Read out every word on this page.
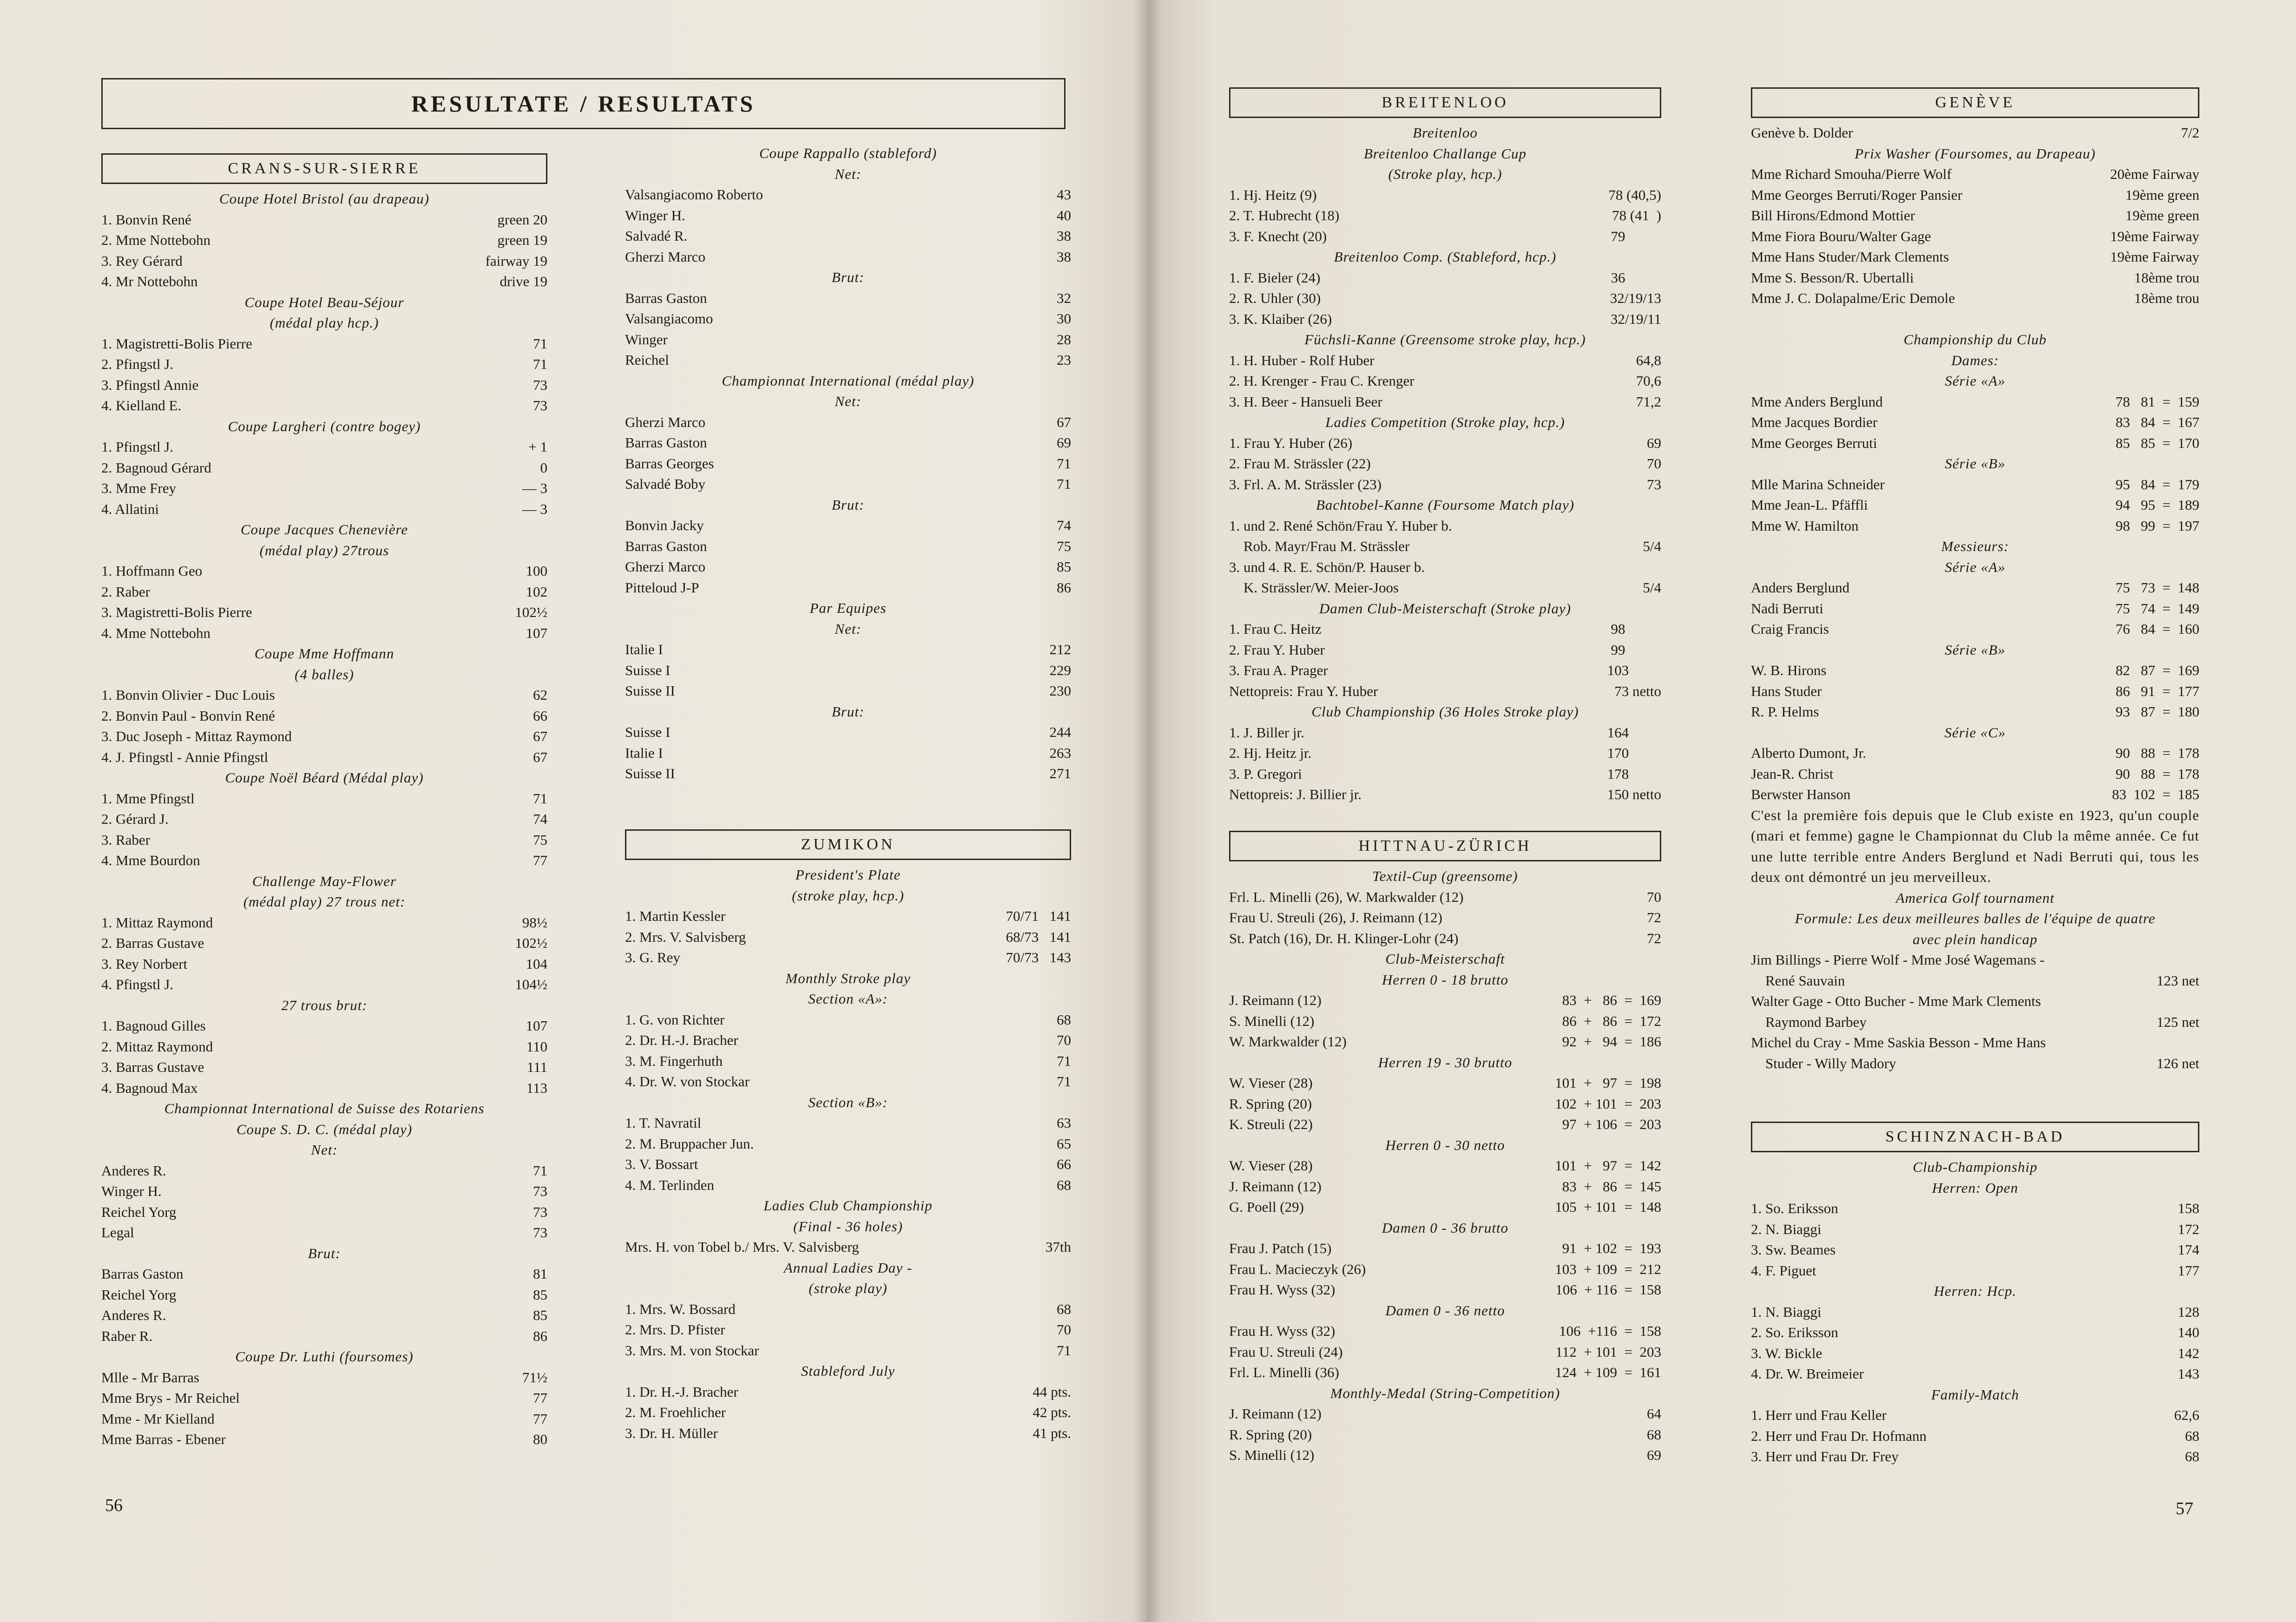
RESULTATE / RESULTATS
CRANS-SUR-SIERRE
Coupe Hotel Bristol (au drapeau)
1. Bonvin René	green 20
2. Mme Nottebohn	green 19
3. Rey Gérard	fairway 19
4. Mr Nottebohn	drive 19
Coupe Hotel Beau-Séjour
(médal play hcp.)
1. Magistretti-Bolis Pierre	71
2. Pfingstl J.	71
3. Pfingstl Annie	73
4. Kielland E.	73
Coupe Largheri (contre bogey)
1. Pfingstl J.	+ 1
2. Bagnoud Gérard	0
3. Mme Frey	— 3
4. Allatini	— 3
Coupe Jacques Chenevière
(médal play) 27trous
1. Hoffmann Geo	100
2. Raber	102
3. Magistretti-Bolis Pierre	102½
4. Mme Nottebohn	107
Coupe Mme Hoffmann
(4 balles)
1. Bonvin Olivier - Duc Louis	62
2. Bonvin Paul - Bonvin René	66
3. Duc Joseph - Mittaz Raymond	67
4. J. Pfingstl - Annie Pfingstl	67
Coupe Noël Béard (Médal play)
1. Mme Pfingstl	71
2. Gérard J.	74
3. Raber	75
4. Mme Bourdon	77
Challenge May-Flower
(médal play) 27 trous net:
1. Mittaz Raymond	98½
2. Barras Gustave	102½
3. Rey Norbert	104
4. Pfingstl J.	104½
27 trous brut:
1. Bagnoud Gilles	107
2. Mittaz Raymond	110
3. Barras Gustave	111
4. Bagnoud Max	113
Championnat International de Suisse des Rotariens
Coupe S. D. C. (médal play)
Net:
Anderes R.	71
Winger H.	73
Reichel Yorg	73
Legal	73
Brut:
Barras Gaston	81
Reichel Yorg	85
Anderes R.	85
Raber R.	86
Coupe Dr. Luthi (foursomes)
Mlle - Mr Barras	71½
Mme Brys - Mr Reichel	77
Mme - Mr Kielland	77
Mme Barras - Ebener	80
Coupe Rappallo (stableford)
Net:
Valsangiacomo Roberto	43
Winger H.	40
Salvadé R.	38
Gherzi Marco	38
Brut:
Barras Gaston	32
Valsangiacomo	30
Winger	28
Reichel	23
Championnat International (médal play)
Net:
Gherzi Marco	67
Barras Gaston	69
Barras Georges	71
Salvadé Boby	71
Brut:
Bonvin Jacky	74
Barras Gaston	75
Gherzi Marco	85
Pitteloud J-P	86
Par Equipes
Net:
Italie I	212
Suisse I	229
Suisse II	230
Brut:
Suisse I	244
Italie I	263
Suisse II	271
ZUMIKON
President's Plate
(stroke play, hcp.)
1. Martin Kessler	70/71   141
2. Mrs. V. Salvisberg	68/73   141
3. G. Rey	70/73   143
Monthly Stroke play
Section «A»:
1. G. von Richter	68
2. Dr. H.-J. Bracher	70
3. M. Fingerhuth	71
4. Dr. W. von Stockar	71
Section «B»:
1. T. Navratil	63
2. M. Bruppacher Jun.	65
3. V. Bossart	66
4. M. Terlinden	68
Ladies Club Championship
(Final - 36 holes)
Mrs. H. von Tobel b./ Mrs. V. Salvisberg	37th
Annual Ladies Day -
(stroke play)
1. Mrs. W. Bossard	68
2. Mrs. D. Pfister	70
3. Mrs. M. von Stockar	71
Stableford July
1. Dr. H.-J. Bracher	44 pts.
2. M. Froehlicher	42 pts.
3. Dr. H. Müller	41 pts.
56
BREITENLOO
Breitenloo
Breitenloo Challange Cup
(Stroke play, hcp.)
1. Hj. Heitz (9)	78 (40,5)
2. T. Hubrecht (18)	78 (41  )
3. F. Knecht (20)	79
Breitenloo Comp. (Stableford, hcp.)
1. F. Bieler (24)	36
2. R. Uhler (30)	32/19/13
3. K. Klaiber (26)	32/19/11
Füchsli-Kanne (Greensome stroke play, hcp.)
1. H. Huber - Rolf Huber	64,8
2. H. Krenger - Frau C. Krenger	70,6
3. H. Beer - Hansueli Beer	71,2
Ladies Competition (Stroke play, hcp.)
1. Frau Y. Huber (26)	69
2. Frau M. Strässler (22)	70
3. Frl. A. M. Strässler (23)	73
Bachtobel-Kanne (Foursome Match play)
1. und 2. René Schön/Frau Y. Huber b.
Rob. Mayr/Frau M. Strässler	5/4
3. und 4. R. E. Schön/P. Hauser b.
K. Strässler/W. Meier-Joos	5/4
Damen Club-Meisterschaft (Stroke play)
1. Frau C. Heitz	98
2. Frau Y. Huber	99
3. Frau A. Prager	103
Nettopreis: Frau Y. Huber	73 netto
Club Championship (36 Holes Stroke play)
1. J. Biller jr.	164
2. Hj. Heitz jr.	170
3. P. Gregori	178
Nettopreis: J. Billier jr.	150 netto
HITTNAU-ZÜRICH
Textil-Cup (greensome)
Frl. L. Minelli (26), W. Markwalder (12)	70
Frau U. Streuli (26), J. Reimann (12)	72
St. Patch (16), Dr. H. Klinger-Lohr (24)	72
Club-Meisterschaft
Herren 0 - 18 brutto
J. Reimann (12)	83  +   86  =  169
S. Minelli (12)	86  +   86  =  172
W. Markwalder (12)	92  +   94  =  186
Herren 19 - 30 brutto
W. Vieser (28)	101  +   97  =  198
R. Spring (20)	102  + 101  =  203
K. Streuli (22)	97  + 106  =  203
Herren 0 - 30 netto
W. Vieser (28)	101  +   97  =  142
J. Reimann (12)	83  +   86  =  145
G. Poell (29)	105  + 101  =  148
Damen 0 - 36 brutto
Frau J. Patch (15)	91  + 102  =  193
Frau L. Macieczyk (26)	103  + 109  =  212
Frau H. Wyss (32)	106  + 116  =  158
Damen 0 - 36 netto
Frau H. Wyss (32)	106  +116  =  158
Frau U. Streuli (24)	112  + 101  =  203
Frl. L. Minelli (36)	124  + 109  =  161
Monthly-Medal (String-Competition)
J. Reimann (12)	64
R. Spring (20)	68
S. Minelli (12)	69
GENÈVE
Genève b. Dolder	7/2
Prix Washer (Foursomes, au Drapeau)
Mme Richard Smouha/Pierre Wolf	20ème Fairway
Mme Georges Berruti/Roger Pansier	19ème green
Bill Hirons/Edmond Mottier	19ème green
Mme Fiora Bouru/Walter Gage	19ème Fairway
Mme Hans Studer/Mark Clements	19ème Fairway
Mme S. Besson/R. Ubertalli	18ème trou
Mme J. C. Dolapalme/Eric Demole	18ème trou
Championship du Club
Dames:
Série «A»
Mme Anders Berglund	78   81  =  159
Mme Jacques Bordier	83   84  =  167
Mme Georges Berruti	85   85  =  170
Série «B»
Mlle Marina Schneider	95   84  =  179
Mme Jean-L. Pfäffli	94   95  =  189
Mme W. Hamilton	98   99  =  197
Messieurs:
Série «A»
Anders Berglund	75   73  =  148
Nadi Berruti	75   74  =  149
Craig Francis	76   84  =  160
Série «B»
W. B. Hirons	82   87  =  169
Hans Studer	86   91  =  177
R. P. Helms	93   87  =  180
Série «C»
Alberto Dumont, Jr.	90   88  =  178
Jean-R. Christ	90   88  =  178
Berwster Hanson	83  102  =  185
C'est la première fois depuis que le Club existe en 1923, qu'un couple (mari et femme) gagne le Championnat du Club la même année. Ce fut une lutte terrible entre Anders Berglund et Nadi Berruti qui, tous les deux ont démontré un jeu merveilleux.
America Golf tournament
Formule: Les deux meilleures balles de l'équipe de quatre
avec plein handicap
Jim Billings - Pierre Wolf - Mme José Wagemans -
René Sauvain	123 net
Walter Gage - Otto Bucher - Mme Mark Clements
Raymond Barbey	125 net
Michel du Cray - Mme Saskia Besson - Mme Hans
Studer - Willy Madory	126 net
SCHINZNACH-BAD
Club-Championship
Herren: Open
1. So. Eriksson	158
2. N. Biaggi	172
3. Sw. Beames	174
4. F. Piguet	177
Herren: Hcp.
1. N. Biaggi	128
2. So. Eriksson	140
3. W. Bickle	142
4. Dr. W. Breimeier	143
Family-Match
1. Herr und Frau Keller	62,6
2. Herr und Frau Dr. Hofmann	68
3. Herr und Frau Dr. Frey	68
57
